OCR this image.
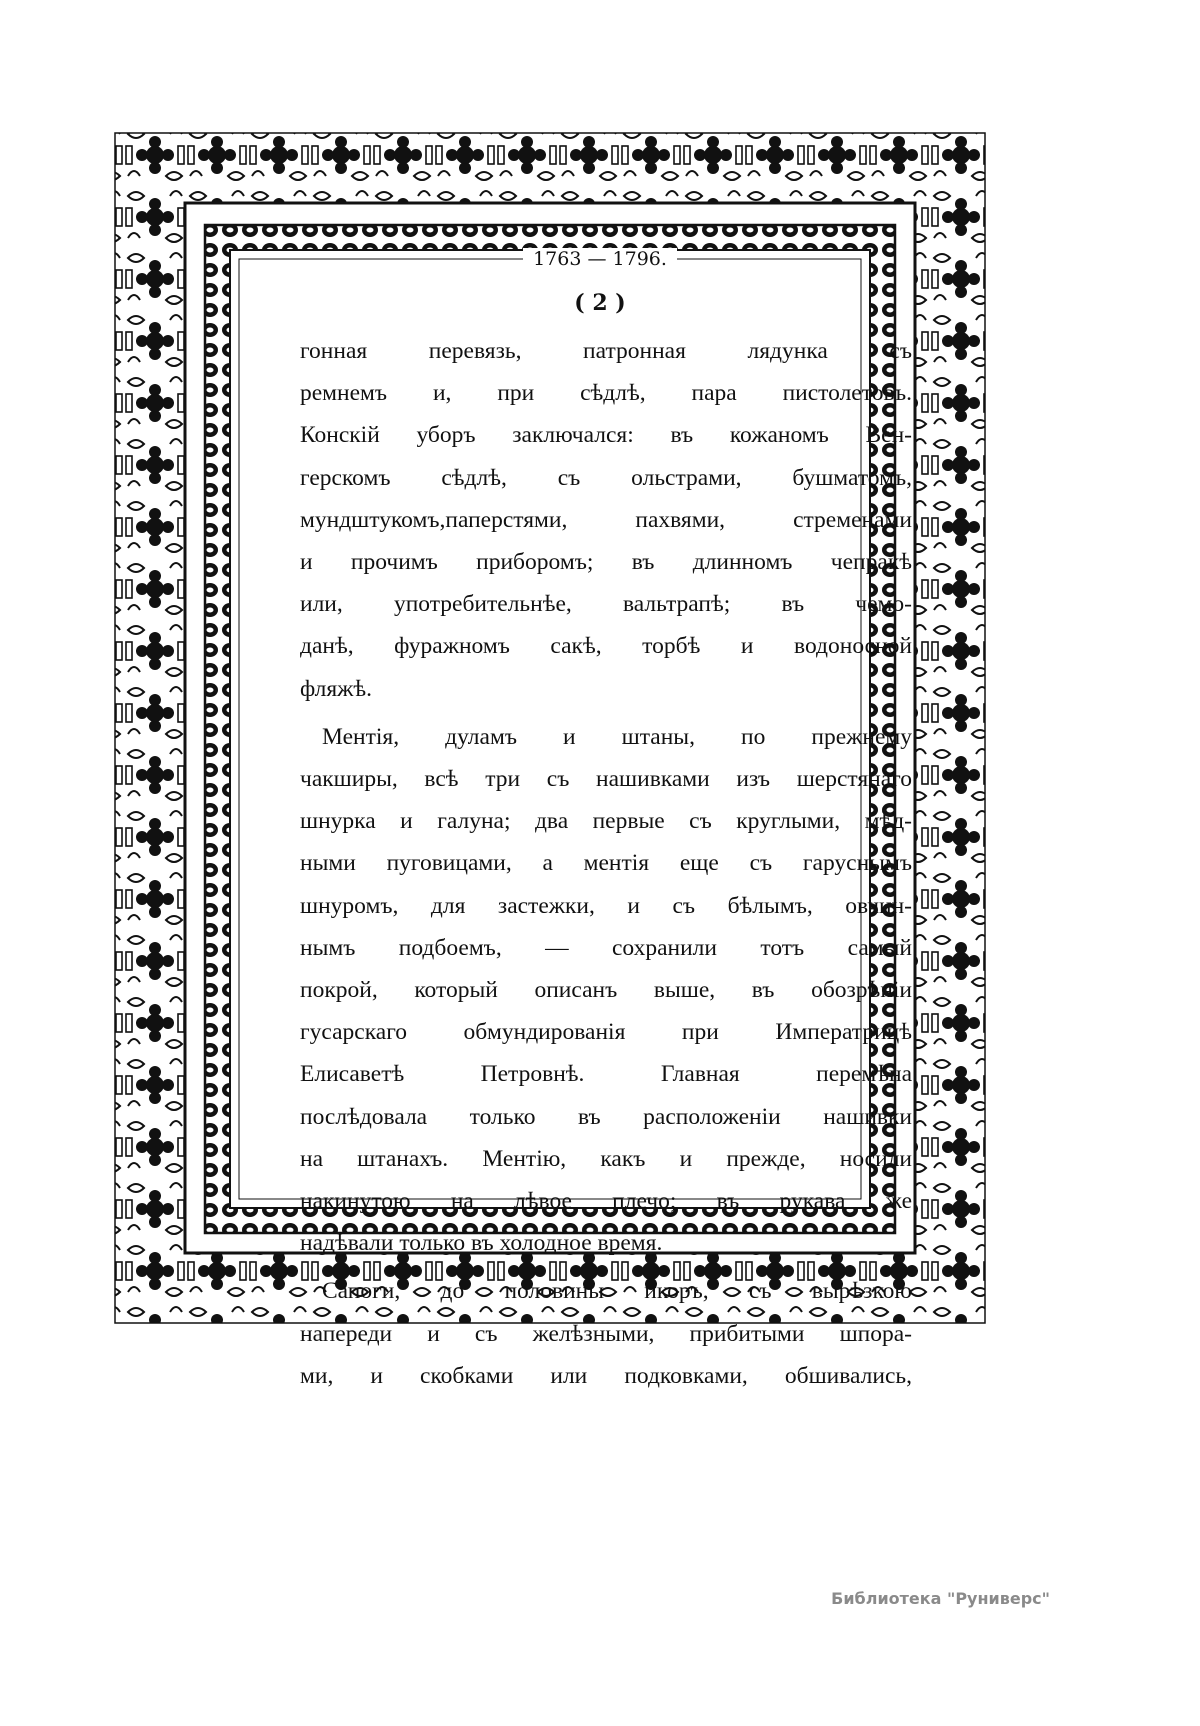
1763 — 1796.
( 2 )

гонная перевязь, патронная лядунка съ
ремнемъ и, при сѣдлѣ, пара пистолетовъ.
Конскій уборъ заключался: въ кожаномъ Вен-
герскомъ сѣдлѣ, съ ольстрами, бушматомъ,
мундштукомъ,паперстями, пахвями, стременами
и прочимъ приборомъ; въ длинномъ чепракѣ
или, употребительнѣе, вальтрапѣ; въ чемо-
данѣ, фуражномъ сакѣ, торбѣ и водоносной
фляжѣ.

Ментія, дуламъ и штаны, по прежнему
чакширы, всѣ три съ нашивками изъ шерстянаго
шнурка и галуна; два первые съ круглыми, мѣд-
ными пуговицами, а ментія еще съ гаруснымъ
шнуромъ, для застежки, и съ бѣлымъ, овчин-
нымъ подбоемъ, — сохранили тотъ самый
покрой, который описанъ выше, въ обозрѣніи
гусарскаго обмундированія при Императрицѣ
Елисаветѣ Петровнѣ. Главная перемѣна
послѣдовала только въ расположеніи нашивки
на штанахъ. Ментію, какъ и прежде, носили
накинутою на лѣвое плечо; въ рукава же
надѣвали только въ холодное время.

Сапоги, до половины икоръ, съ вырѣзкою
напереди и съ желѣзными, прибитыми шпора-
ми, и скобками или подковками, обшивались,

Библиотека "Руниверс"
